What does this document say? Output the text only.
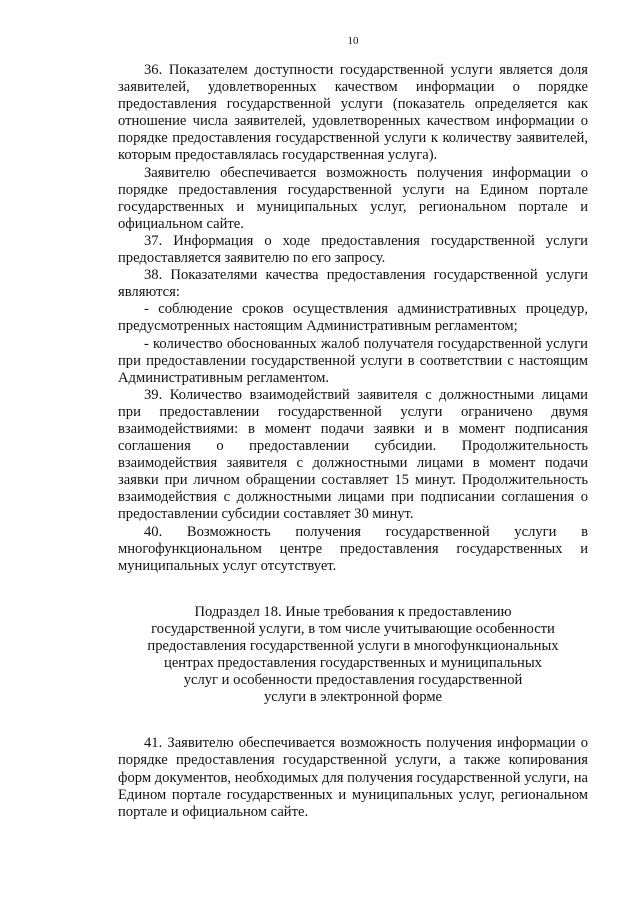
10

36. Показателем доступности государственной услуги является доля заявителей, удовлетворенных качеством информации о порядке предоставления государственной услуги (показатель определяется как отношение числа заявителей, удовлетворенных качеством информации о порядке предоставления государственной услуги к количеству заявителей, которым предоставлялась государственная услуга).

Заявителю обеспечивается возможность получения информации о порядке предоставления государственной услуги на Едином портале государственных и муниципальных услуг, региональном портале и официальном сайте.

37. Информация о ходе предоставления государственной услуги предоставляется заявителю по его запросу.

38. Показателями качества предоставления государственной услуги являются:

- соблюдение сроков осуществления административных процедур, предусмотренных настоящим Административным регламентом;

- количество обоснованных жалоб получателя государственной услуги при предоставлении государственной услуги в соответствии с настоящим Административным регламентом.

39. Количество взаимодействий заявителя с должностными лицами при предоставлении государственной услуги ограничено двумя взаимодействиями: в момент подачи заявки и в момент подписания соглашения о предоставлении субсидии. Продолжительность взаимодействия заявителя с должностными лицами в момент подачи заявки при личном обращении составляет 15 минут. Продолжительность взаимодействия с должностными лицами при подписании соглашения о предоставлении субсидии составляет 30 минут.

40. Возможность получения государственной услуги в многофункциональном центре предоставления государственных и муниципальных услуг отсутствует.

Подраздел 18. Иные требования к предоставлению
государственной услуги, в том числе учитывающие особенности
предоставления государственной услуги в многофункциональных
центрах предоставления государственных и муниципальных
услуг и особенности предоставления государственной
услуги в электронной форме

41. Заявителю обеспечивается возможность получения информации о порядке предоставления государственной услуги, а также копирования форм документов, необходимых для получения государственной услуги, на Едином портале государственных и муниципальных услуг, региональном портале и официальном сайте.
